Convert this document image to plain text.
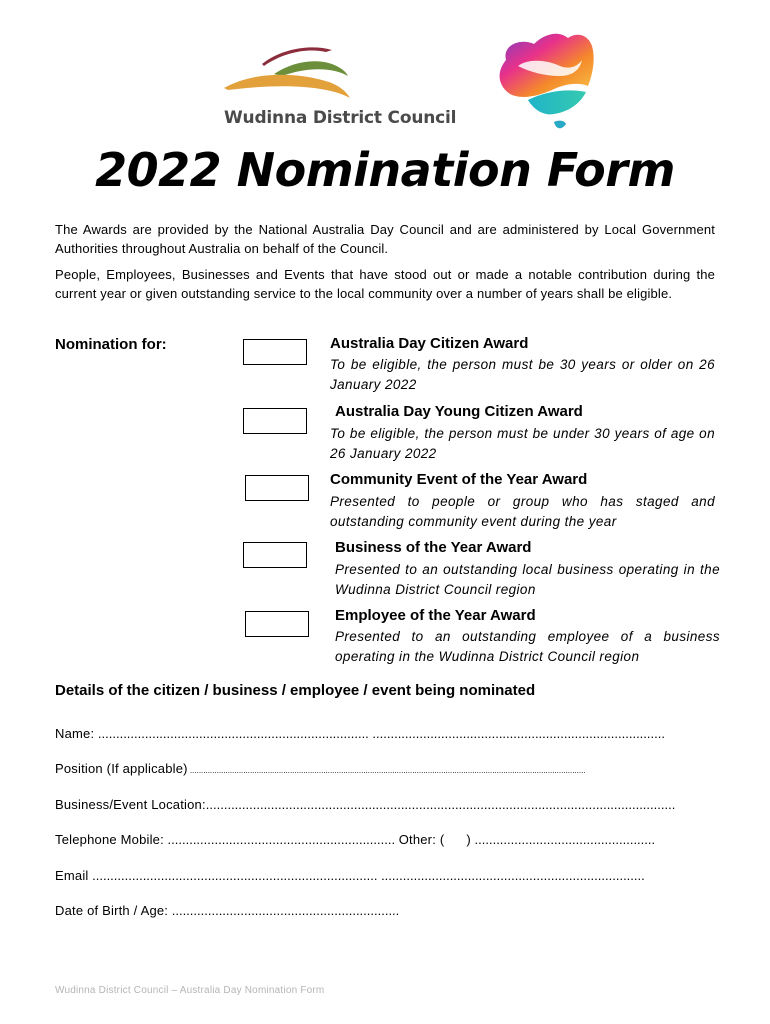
Wudinna District Council
2022 Nomination Form

The Awards are provided by the National Australia Day Council and are administered by Local Government Authorities throughout Australia on behalf of the Council.

People, Employees, Businesses and Events that have stood out or made a notable contribution during the current year or given outstanding service to the local community over a number of years shall be eligible.

Nomination for:	Australia Day Citizen Award

To be eligible, the person must be 30 years or older on 26 January 2022

Australia Day Young Citizen Award

To be eligible, the person must be under 30 years of age on 26 January 2022

Community Event of the Year Award

Presented to people or group who has staged and outstanding community event during the year

Business of the Year Award

Presented to an outstanding local business operating in the Wudinna District Council region

Employee of the Year Award

Presented to an outstanding employee of a business operating in the Wudinna District Council region

Details of the citizen / business / employee / event being nominated

Name: ........................................................................... .................................................................................
Position (If applicable) ..................................................................................................................................................................................
Business/Event Location:..................................................................................................................................
Telephone Mobile: ............................................................... Other: ( ) ..................................................
Email ............................................................................... .........................................................................
Date of Birth / Age: ...............................................................
Wudinna District Council – Australia Day Nomination Form
